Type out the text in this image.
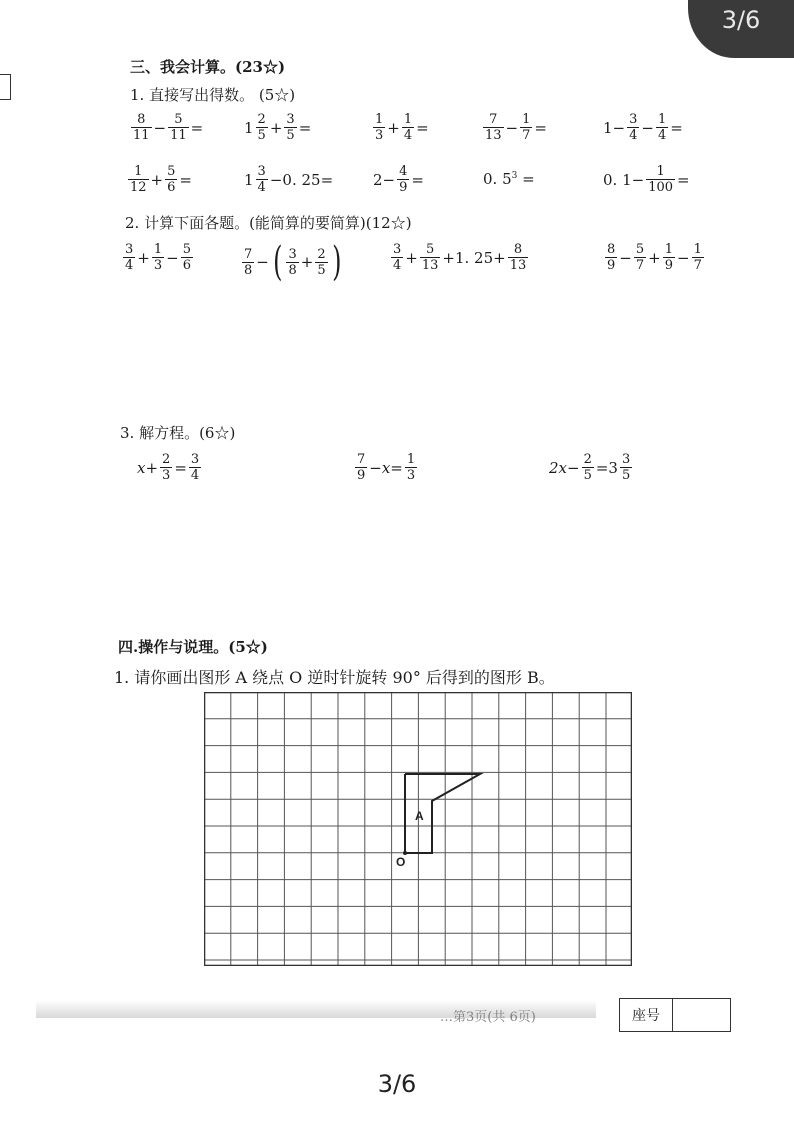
3/6
三、我会计算。(23☆)
1. 直接写出得数。 (5☆)
$\frac{8}{11} - \frac{5}{11}$ =	$1 \frac{2}{5} + \frac{3}{5}$ =	$\frac{1}{3} + \frac{1}{4}$ =	$\frac{7}{13} - \frac{1}{7}$ =	$1- \frac{3}{4} - \frac{1}{4}$ =
$\frac{1}{12} + \frac{5}{6}$ =	$1 \frac{3}{4} -0$. 25=	$2- \frac{4}{9}$ =	0. $5^3$ =	0. $1- \frac{1}{100}$ =
2. 计算下面各题。(能简算的要简算)(12☆)
$\frac{3}{4} + \frac{1}{3} - \frac{5}{6}$	$\frac{7}{8}$ − ( $\frac{3}{8} + \frac{2}{5}$ )	$\frac{3}{4} + \frac{5}{13} +1$. $25+ \frac{8}{13}$	$\frac{8}{9} - \frac{5}{7} + \frac{1}{9} - \frac{1}{7}$
3. 解方程。(6☆)
$x+ \frac{2}{3} = \frac{3}{4}$	$\frac{7}{9} -x= \frac{1}{3}$	$2x- \frac{2}{5} =3 \frac{3}{5}$
四.操作与说理。(5☆)
1. 请你画出图形 A 绕点 O 逆时针旋转 90° 后得到的图形 B。
A
O
…第3页(共 6页)	座号
3/6
